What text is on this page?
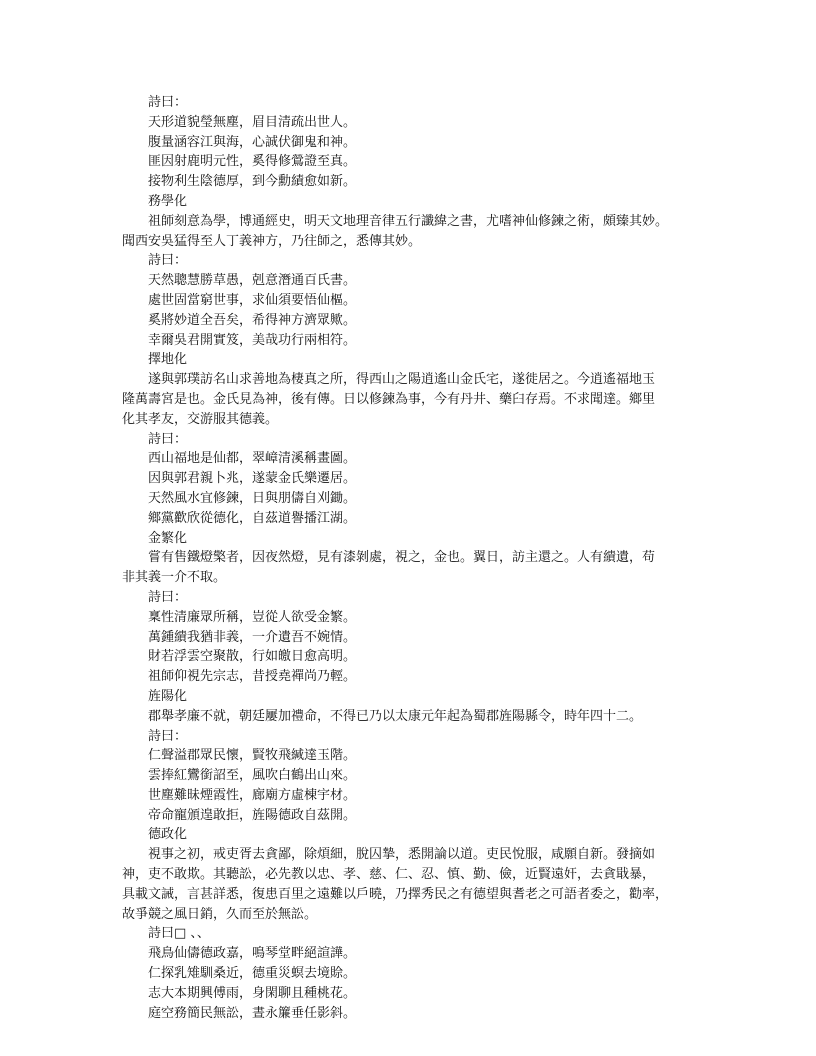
詩曰：
天形道貌瑩無塵，眉目清疏出世人。
腹量涵容江與海，心誠伏御鬼和神。
匪因射鹿明元性，奚得修鶯證至真。
接物利生陰德厚，到今勳績愈如新。
務學化
祖師刻意為學，博通經史，明天文地理音律五行讖緯之書，尤嗜神仙修鍊之術，頗臻其妙。
聞西安吳猛得至人丁義神方，乃往師之，悉傳其妙。
詩曰：
天然聰慧勝草愚，剋意潛通百氏書。
處世固當窮世事，求仙須要悟仙樞。
奚將妙道全吾矣，希得神方濟眾歟。
幸爾吳君開實笈，美哉功行兩相符。
擇地化
遂與郭璞訪名山求善地為棲真之所，得西山之陽逍遙山金氏宅，遂徙居之。今逍遙福地玉
隆萬壽宮是也。金氏見為神，後有傳。日以修鍊為事，今有丹井、藥臼存焉。不求聞達。鄉里
化其孝友，交游服其德義。
詩曰：
西山福地是仙都，翠嶂清溪稱畫圖。
因與郭君親卜兆，遂蒙金氏樂遷居。
天然風水宜修鍊，日與朋儔自刈鋤。
鄉黨歡欣從德化，自茲道譽播江湖。
金繁化
嘗有售鐵燈檠者，因夜然燈，見有漆剝處，視之，金也。翼日，訪主還之。人有繢遺，苟
非其義一介不取。
詩曰：
稟性清廉眾所稱，豈從人欲受金繁。
萬鍾繢我猶非義，一介遺吾不婉情。
財若浮雲空聚散，行如皦日愈高明。
祖師仰視先宗志，昔授堯禪尚乃輕。
旌陽化
郡舉孝廉不就，朝廷屢加禮命，不得已乃以太康元年起為蜀郡旌陽縣令，時年四十二。
詩曰：
仁聲溢郡眾民懷，賢牧飛緘達玉階。
雲捧紅鸞銜詔至，風吹白鶴出山來。
世塵難昧煙霞性，廊廟方虛棟宇材。
帝命寵頒遑敢拒，旌陽德政自茲開。
德政化
視事之初，戒吏胥去貪鄙，除煩細，脫囚摯，悉開論以道。吏民悅服，咸願自新。發摘如
神，吏不敢欺。其聽訟，必先教以忠、孝、慈、仁、忍、慎、勤、儉，近賢遠奸，去貪戢暴，
具載文誡，言甚詳悉，復患百里之遠難以戶曉，乃擇秀民之有德望與耆老之可語者委之，勸率，
故爭競之風日銷，久而至於無訟。
詩曰□ 、、
飛鳥仙儔德政嘉，鳴琴堂畔絕諠譁。
仁探乳雉馴桑近，德重災螟去境賒。
志大本期興傅雨，身閑聊且種桃花。
庭空務簡民無訟，晝永簾垂任影斜。
